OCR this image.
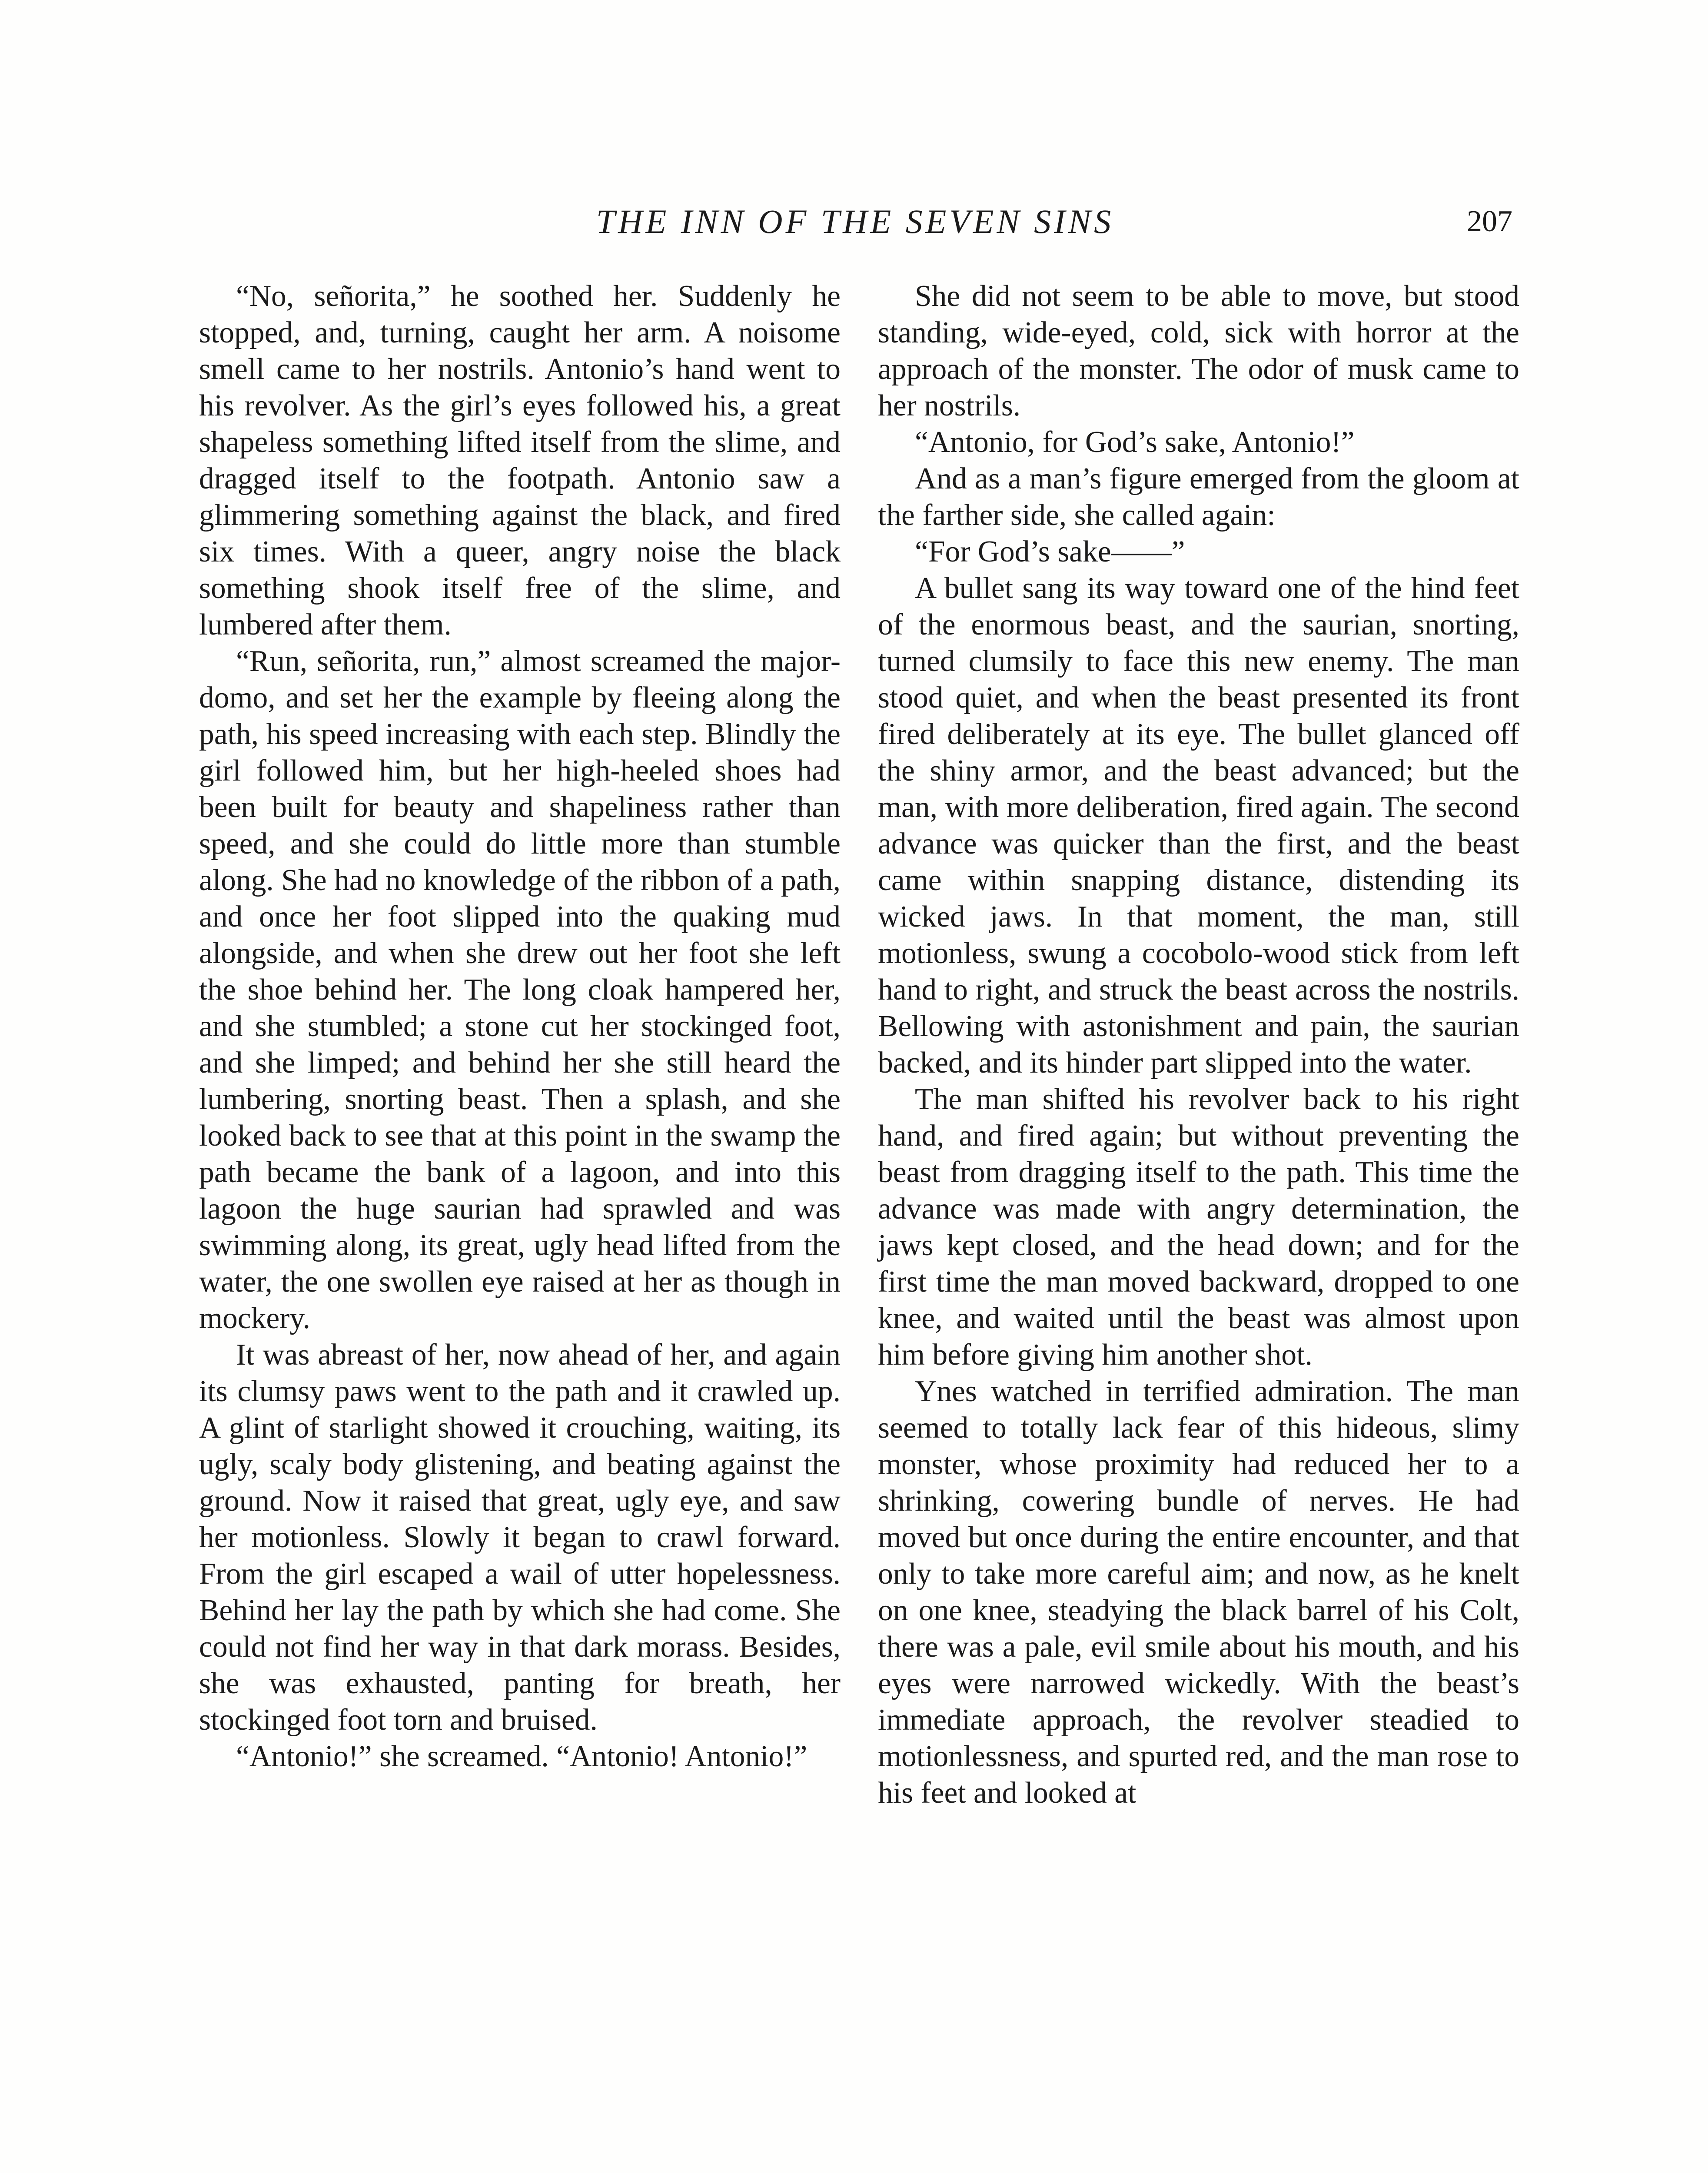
THE INN OF THE SEVEN SINS	207

“No, señorita,” he soothed her. Suddenly he stopped, and, turning, caught her arm. A noisome smell came to her nostrils. Antonio’s hand went to his revolver. As the girl’s eyes followed his, a great shapeless something lifted itself from the slime, and dragged itself to the footpath. Antonio saw a glimmering something against the black, and fired six times. With a queer, angry noise the black something shook itself free of the slime, and lumbered after them.

“Run, señorita, run,” almost screamed the major-domo, and set her the example by fleeing along the path, his speed increasing with each step. Blindly the girl followed him, but her high-heeled shoes had been built for beauty and shapeliness rather than speed, and she could do little more than stumble along. She had no knowledge of the ribbon of a path, and once her foot slipped into the quaking mud alongside, and when she drew out her foot she left the shoe behind her. The long cloak hampered her, and she stumbled; a stone cut her stockinged foot, and she limped; and behind her she still heard the lumbering, snorting beast. Then a splash, and she looked back to see that at this point in the swamp the path became the bank of a lagoon, and into this lagoon the huge saurian had sprawled and was swimming along, its great, ugly head lifted from the water, the one swollen eye raised at her as though in mockery.

It was abreast of her, now ahead of her, and again its clumsy paws went to the path and it crawled up. A glint of starlight showed it crouching, waiting, its ugly, scaly body glistening, and beating against the ground. Now it raised that great, ugly eye, and saw her motionless. Slowly it began to crawl forward. From the girl escaped a wail of utter hopelessness. Behind her lay the path by which she had come. She could not find her way in that dark morass. Besides, she was exhausted, panting for breath, her stockinged foot torn and bruised.

“Antonio!” she screamed. “Antonio! Antonio!”

She did not seem to be able to move, but stood standing, wide-eyed, cold, sick with horror at the approach of the monster. The odor of musk came to her nostrils.

“Antonio, for God’s sake, Antonio!”

And as a man’s figure emerged from the gloom at the farther side, she called again:

“For God’s sake——”

A bullet sang its way toward one of the hind feet of the enormous beast, and the saurian, snorting, turned clumsily to face this new enemy. The man stood quiet, and when the beast presented its front fired deliberately at its eye. The bullet glanced off the shiny armor, and the beast advanced; but the man, with more deliberation, fired again. The second advance was quicker than the first, and the beast came within snapping distance, distending its wicked jaws. In that moment, the man, still motionless, swung a cocobolo-wood stick from left hand to right, and struck the beast across the nostrils. Bellowing with astonishment and pain, the saurian backed, and its hinder part slipped into the water.

The man shifted his revolver back to his right hand, and fired again; but without preventing the beast from dragging itself to the path. This time the advance was made with angry determination, the jaws kept closed, and the head down; and for the first time the man moved backward, dropped to one knee, and waited until the beast was almost upon him before giving him another shot.

Ynes watched in terrified admiration. The man seemed to totally lack fear of this hideous, slimy monster, whose proximity had reduced her to a shrinking, cowering bundle of nerves. He had moved but once during the entire encounter, and that only to take more careful aim; and now, as he knelt on one knee, steadying the black barrel of his Colt, there was a pale, evil smile about his mouth, and his eyes were narrowed wickedly. With the beast’s immediate approach, the revolver steadied to motionlessness, and spurted red, and the man rose to his feet and looked at
